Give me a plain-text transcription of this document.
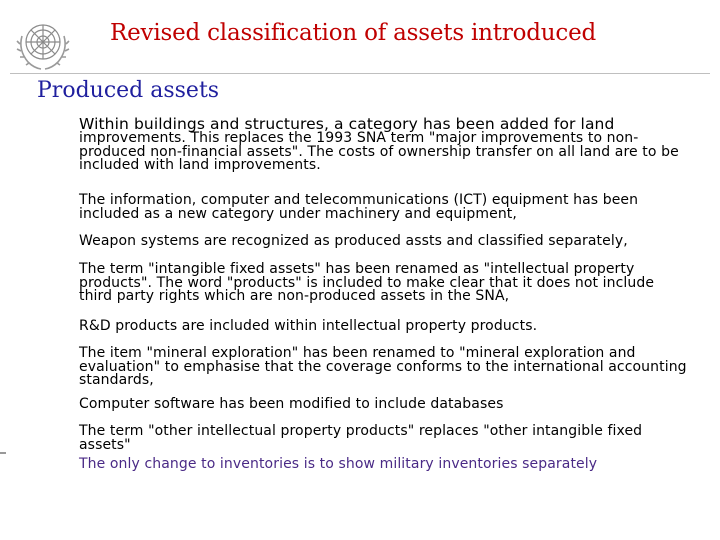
Revised classification of assets introduced
Produced assets
Within buildings and structures, a category has been added for land
improvements. This replaces the 1993 SNA term "major improvements to non-produced non-financial assets". The costs of ownership transfer on all land are to be included with land improvements.
The information, computer and telecommunications (ICT) equipment has been included as a new category under machinery and equipment,
Weapon systems are recognized as produced assts and classified separately,
The term "intangible fixed assets" has been renamed as "intellectual property products". The word "products" is included to make clear that it does not include third party rights which are non-produced assets in the SNA,
R&D products are included within intellectual property products.
The item "mineral exploration" has been renamed to "mineral exploration and evaluation" to emphasise that the coverage conforms to the international accounting standards,
Computer software has been modified to include databases
The term "other intellectual property products" replaces "other intangible fixed assets"
The only change to inventories is to show military inventories separately
